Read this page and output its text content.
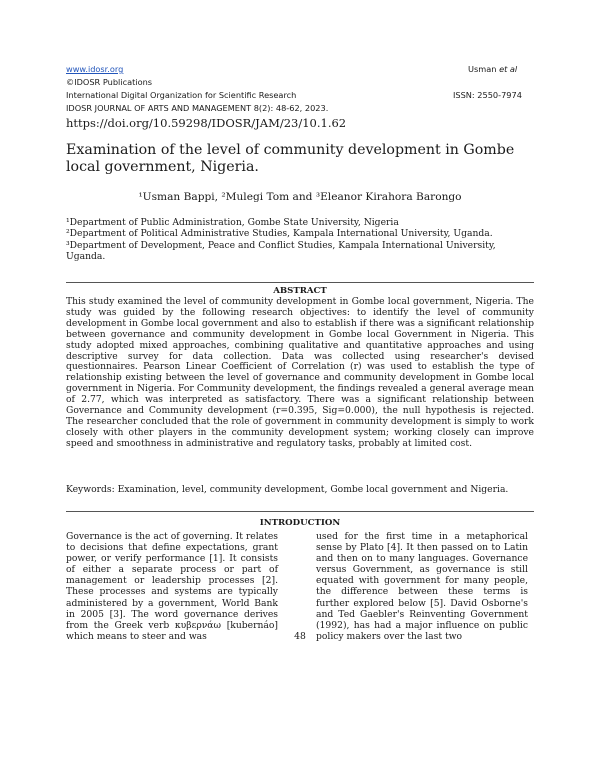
www.idosr.org	Usman et al
©IDOSR Publications
International Digital Organization for Scientific Research	ISSN: 2550-7974
IDOSR JOURNAL OF ARTS AND MANAGEMENT 8(2): 48-62, 2023.
https://doi.org/10.59298/IDOSR/JAM/23/10.1.62
Examination of the level of community development in Gombe local government, Nigeria.
¹Usman Bappi, ²Mulegi Tom and ³Eleanor Kirahora Barongo
¹Department of Public Administration, Gombe State University, Nigeria
²Department of Political Administrative Studies, Kampala International University, Uganda.
³Department of Development, Peace and Conflict Studies, Kampala International University, Uganda.
ABSTRACT

This study examined the level of community development in Gombe local government, Nigeria. The study was guided by the following research objectives: to identify the level of community development in Gombe local government and also to establish if there was a significant relationship between governance and community development in Gombe local Government in Nigeria. This study adopted mixed approaches, combining qualitative and quantitative approaches and using descriptive survey for data collection. Data was collected using researcher's devised questionnaires. Pearson Linear Coefficient of Correlation (r) was used to establish the type of relationship existing between the level of governance and community development in Gombe local government in Nigeria. For Community development, the findings revealed a general average mean of 2.77, which was interpreted as satisfactory. There was a significant relationship between Governance and Community development (r=0.395, Sig=0.000), the null hypothesis is rejected. The researcher concluded that the role of government in community development is simply to work closely with other players in the community development system; working closely can improve speed and smoothness in administrative and regulatory tasks, probably at limited cost.

Keywords: Examination, level, community development, Gombe local government and Nigeria.

INTRODUCTION

Governance is the act of governing. It relates to decisions that define expectations, grant power, or verify performance [1]. It consists of either a separate process or part of management or leadership processes [2]. These processes and systems are typically administered by a government, World Bank in 2005 [3]. The word governance derives from the Greek verb κυβερνάω [kubernáo] which means to steer and was

used for the first time in a metaphorical sense by Plato [4]. It then passed on to Latin and then on to many languages. Governance versus Government, as governance is still equated with government for many people, the difference between these terms is further explored below [5]. David Osborne's and Ted Gaebler's Reinventing Government (1992), has had a major influence on public policy makers over the last two

48
